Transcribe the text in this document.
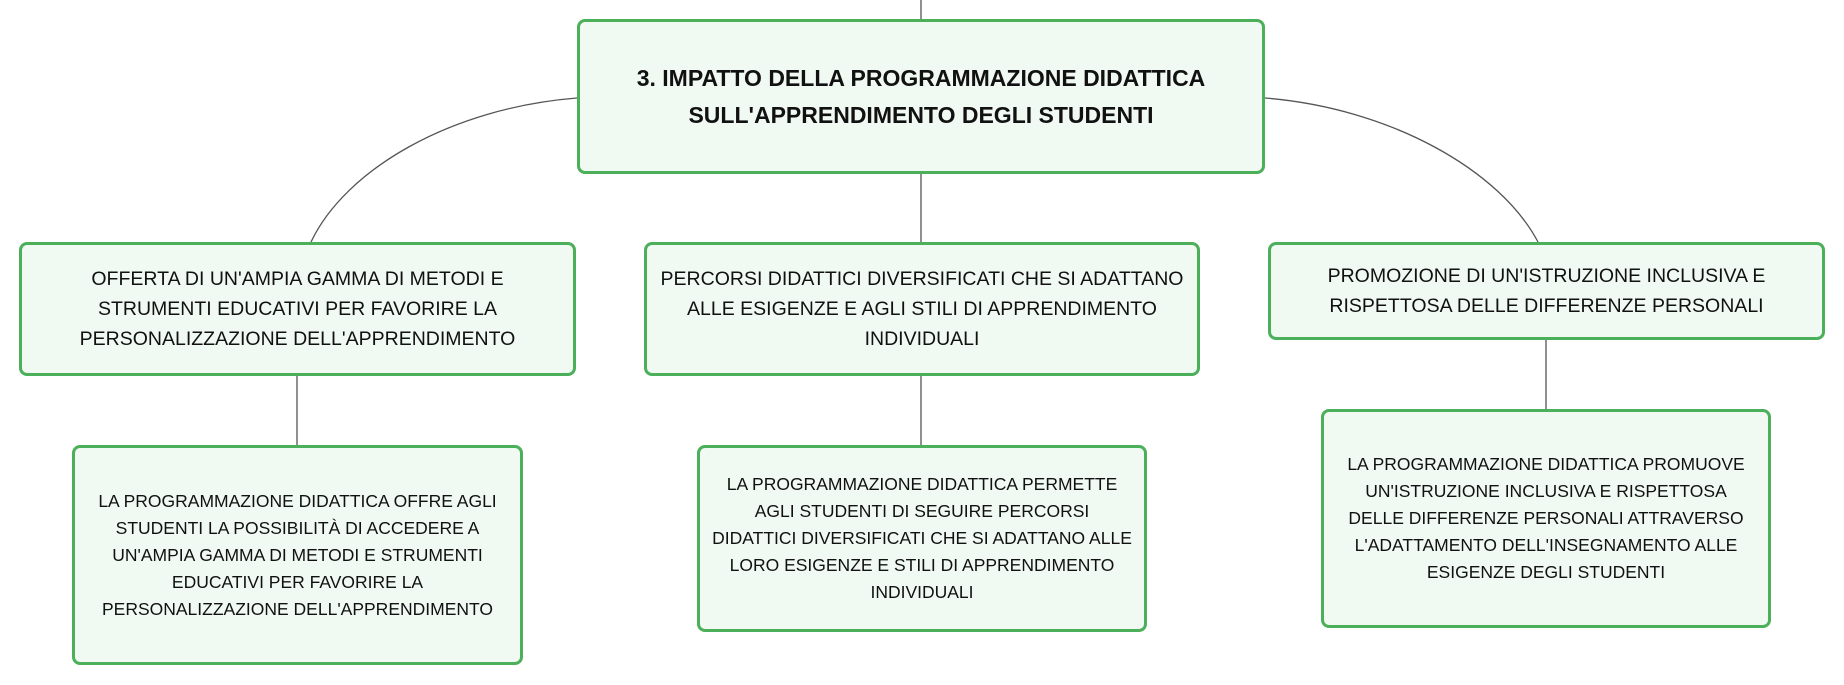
3. IMPATTO DELLA PROGRAMMAZIONE DIDATTICA SULL'APPRENDIMENTO DEGLI STUDENTI
OFFERTA DI UN'AMPIA GAMMA DI METODI E STRUMENTI EDUCATIVI PER FAVORIRE LA PERSONALIZZAZIONE DELL'APPRENDIMENTO
PERCORSI DIDATTICI DIVERSIFICATI CHE SI ADATTANO ALLE ESIGENZE E AGLI STILI DI APPRENDIMENTO INDIVIDUALI
PROMOZIONE DI UN'ISTRUZIONE INCLUSIVA E RISPETTOSA DELLE DIFFERENZE PERSONALI
LA PROGRAMMAZIONE DIDATTICA OFFRE AGLI STUDENTI LA POSSIBILITÀ DI ACCEDERE A UN'AMPIA GAMMA DI METODI E STRUMENTI EDUCATIVI PER FAVORIRE LA PERSONALIZZAZIONE DELL'APPRENDIMENTO
LA PROGRAMMAZIONE DIDATTICA PERMETTE AGLI STUDENTI DI SEGUIRE PERCORSI DIDATTICI DIVERSIFICATI CHE SI ADATTANO ALLE LORO ESIGENZE E STILI DI APPRENDIMENTO INDIVIDUALI
LA PROGRAMMAZIONE DIDATTICA PROMUOVE UN'ISTRUZIONE INCLUSIVA E RISPETTOSA DELLE DIFFERENZE PERSONALI ATTRAVERSO L'ADATTAMENTO DELL'INSEGNAMENTO ALLE ESIGENZE DEGLI STUDENTI
